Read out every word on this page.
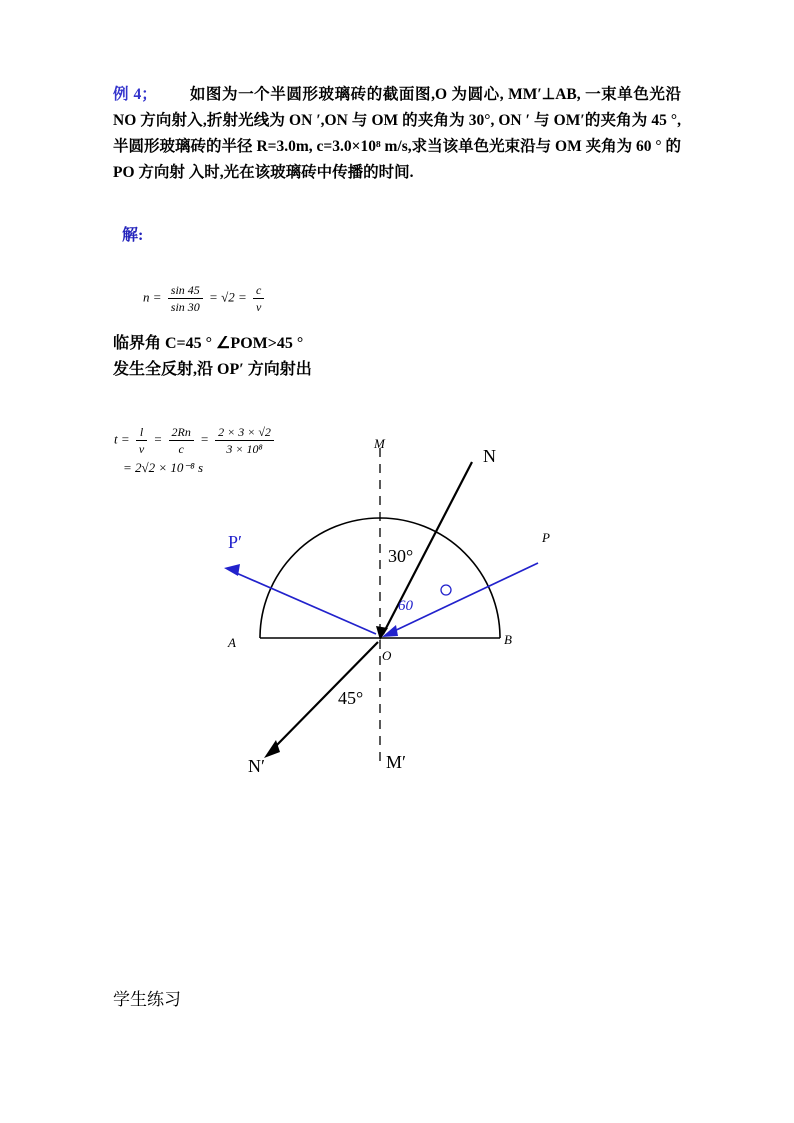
例 4； 如图为一个半圆形玻璃砖的截面图,O 为圆心, MM′⊥AB, 一束单色光沿 NO 方向射入,折射光线为 ON ′,ON 与 OM 的夹角为 30°, ON ′ 与 OM′的夹角为 45 °,半圆形玻璃砖的半径 R=3.0m, c=3.0×10⁸ m/s,求当该单色光束沿与 OM 夹角为 60 ° 的 PO 方向射 入时,光在该玻璃砖中传播的时间.
解:
$n = \frac{\sin 45}{\sin 30} = √2 = \frac{c}{v}$
临界角 C=45 ° ∠POM>45 °
发生全反射,沿 OP′ 方向射出
$t = \frac{l}{v} = \frac{2Rn}{c} = \frac{2 \times 3 \times √2}{\text{3 × 10⁸}}$
= 2√2 × 10⁻⁸ s
M
M′
N
N′
P
P′
A	B
O
30°
45°
60
学生练习
